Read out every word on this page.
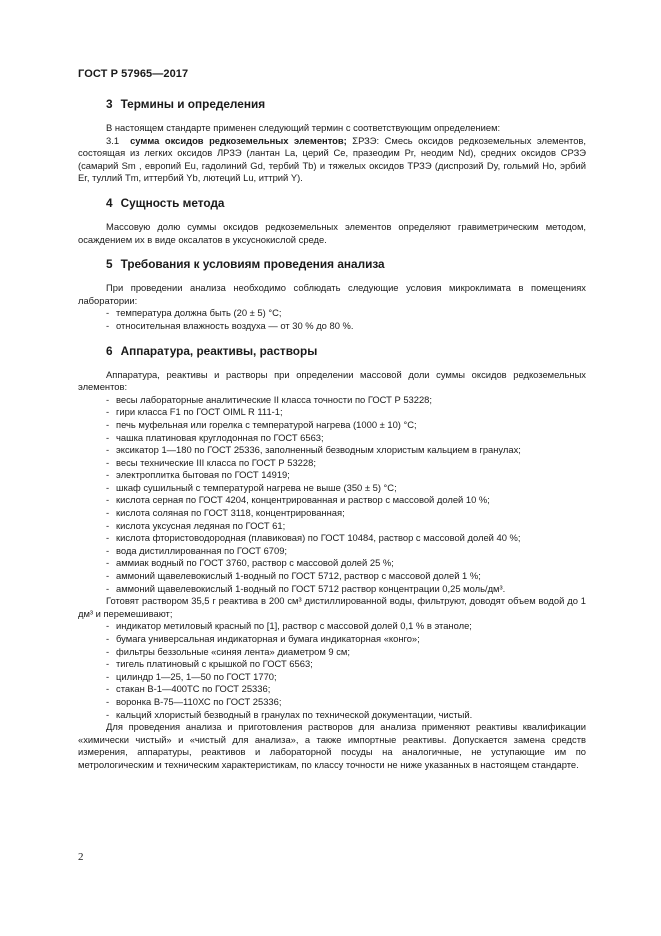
ГОСТ Р 57965—2017
3 Термины и определения

В настоящем стандарте применен следующий термин с соответствующим определением:

3.1 сумма оксидов редкоземельных элементов; ΣРЗЭ: Смесь оксидов редкоземельных элементов, состоящая из легких оксидов ЛРЗЭ (лантан La, церий Ce, празеодим Pr, неодим Nd), средних оксидов СРЗЭ (самарий Sm , европий Eu, гадолиний Gd, тербий Tb) и тяжелых оксидов ТРЗЭ (диспрозий Dy, гольмий Ho, эрбий Er, туллий Tm, иттербий Yb, лютеций Lu, иттрий Y).

4 Сущность метода

Массовую долю суммы оксидов редкоземельных элементов определяют гравиметрическим методом, осаждением их в виде оксалатов в уксуснокислой среде.

5 Требования к условиям проведения анализа

При проведении анализа необходимо соблюдать следующие условия микроклимата в помещениях лаборатории:

- температура должна быть (20 ± 5) °С;

- относительная влажность воздуха — от 30 % до 80 %.

6 Аппаратура, реактивы, растворы

Аппаратура, реактивы и растворы при определении массовой доли суммы оксидов редкоземельных элементов:

- весы лабораторные аналитические II класса точности по ГОСТ Р 53228;

- гири класса F1 по ГОСТ OIML R 111-1;

- печь муфельная или горелка с температурой нагрева (1000 ± 10) °С;

- чашка платиновая круглодонная по ГОСТ 6563;

- эксикатор 1—180 по ГОСТ 25336, заполненный безводным хлористым кальцием в гранулах;

- весы технические III класса по ГОСТ Р 53228;

- электроплитка бытовая по ГОСТ 14919;

- шкаф сушильный с температурой нагрева не выше (350 ± 5) °С;

- кислота серная по ГОСТ 4204, концентрированная и раствор с массовой долей 10 %;

- кислота соляная по ГОСТ 3118, концентрированная;

- кислота уксусная ледяная по ГОСТ 61;

- кислота фтористоводородная (плавиковая) по ГОСТ 10484, раствор с массовой долей 40 %;

- вода дистиллированная по ГОСТ 6709;

- аммиак водный по ГОСТ 3760, раствор с массовой долей 25 %;

- аммоний щавелевокислый 1-водный по ГОСТ 5712, раствор с массовой долей 1 %;

- аммоний щавелевокислый 1-водный по ГОСТ 5712 раствор концентрации 0,25 моль/дм³.

Готовят раствором 35,5 г реактива в 200 см³ дистиллированной воды, фильтруют, доводят объем водой до 1 дм³ и перемешивают;

- индикатор метиловый красный по [1], раствор с массовой долей 0,1 % в этаноле;

- бумага универсальная индикаторная и бумага индикаторная «конго»;

- фильтры беззольные «синяя лента» диаметром 9 см;

- тигель платиновый с крышкой по ГОСТ 6563;

- цилиндр 1—25, 1—50 по ГОСТ 1770;

- стакан В-1—400ТС по ГОСТ 25336;

- воронка В-75—110ХС по ГОСТ 25336;

- кальций хлористый безводный в гранулах по технической документации, чистый.

Для проведения анализа и приготовления растворов для анализа применяют реактивы квалификации «химически чистый» и «чистый для анализа», а также импортные реактивы. Допускается замена средств измерения, аппаратуры, реактивов и лабораторной посуды на аналогичные, не уступающие им по метрологическим и техническим характеристикам, по классу точности не ниже указанных в настоящем стандарте.

2
